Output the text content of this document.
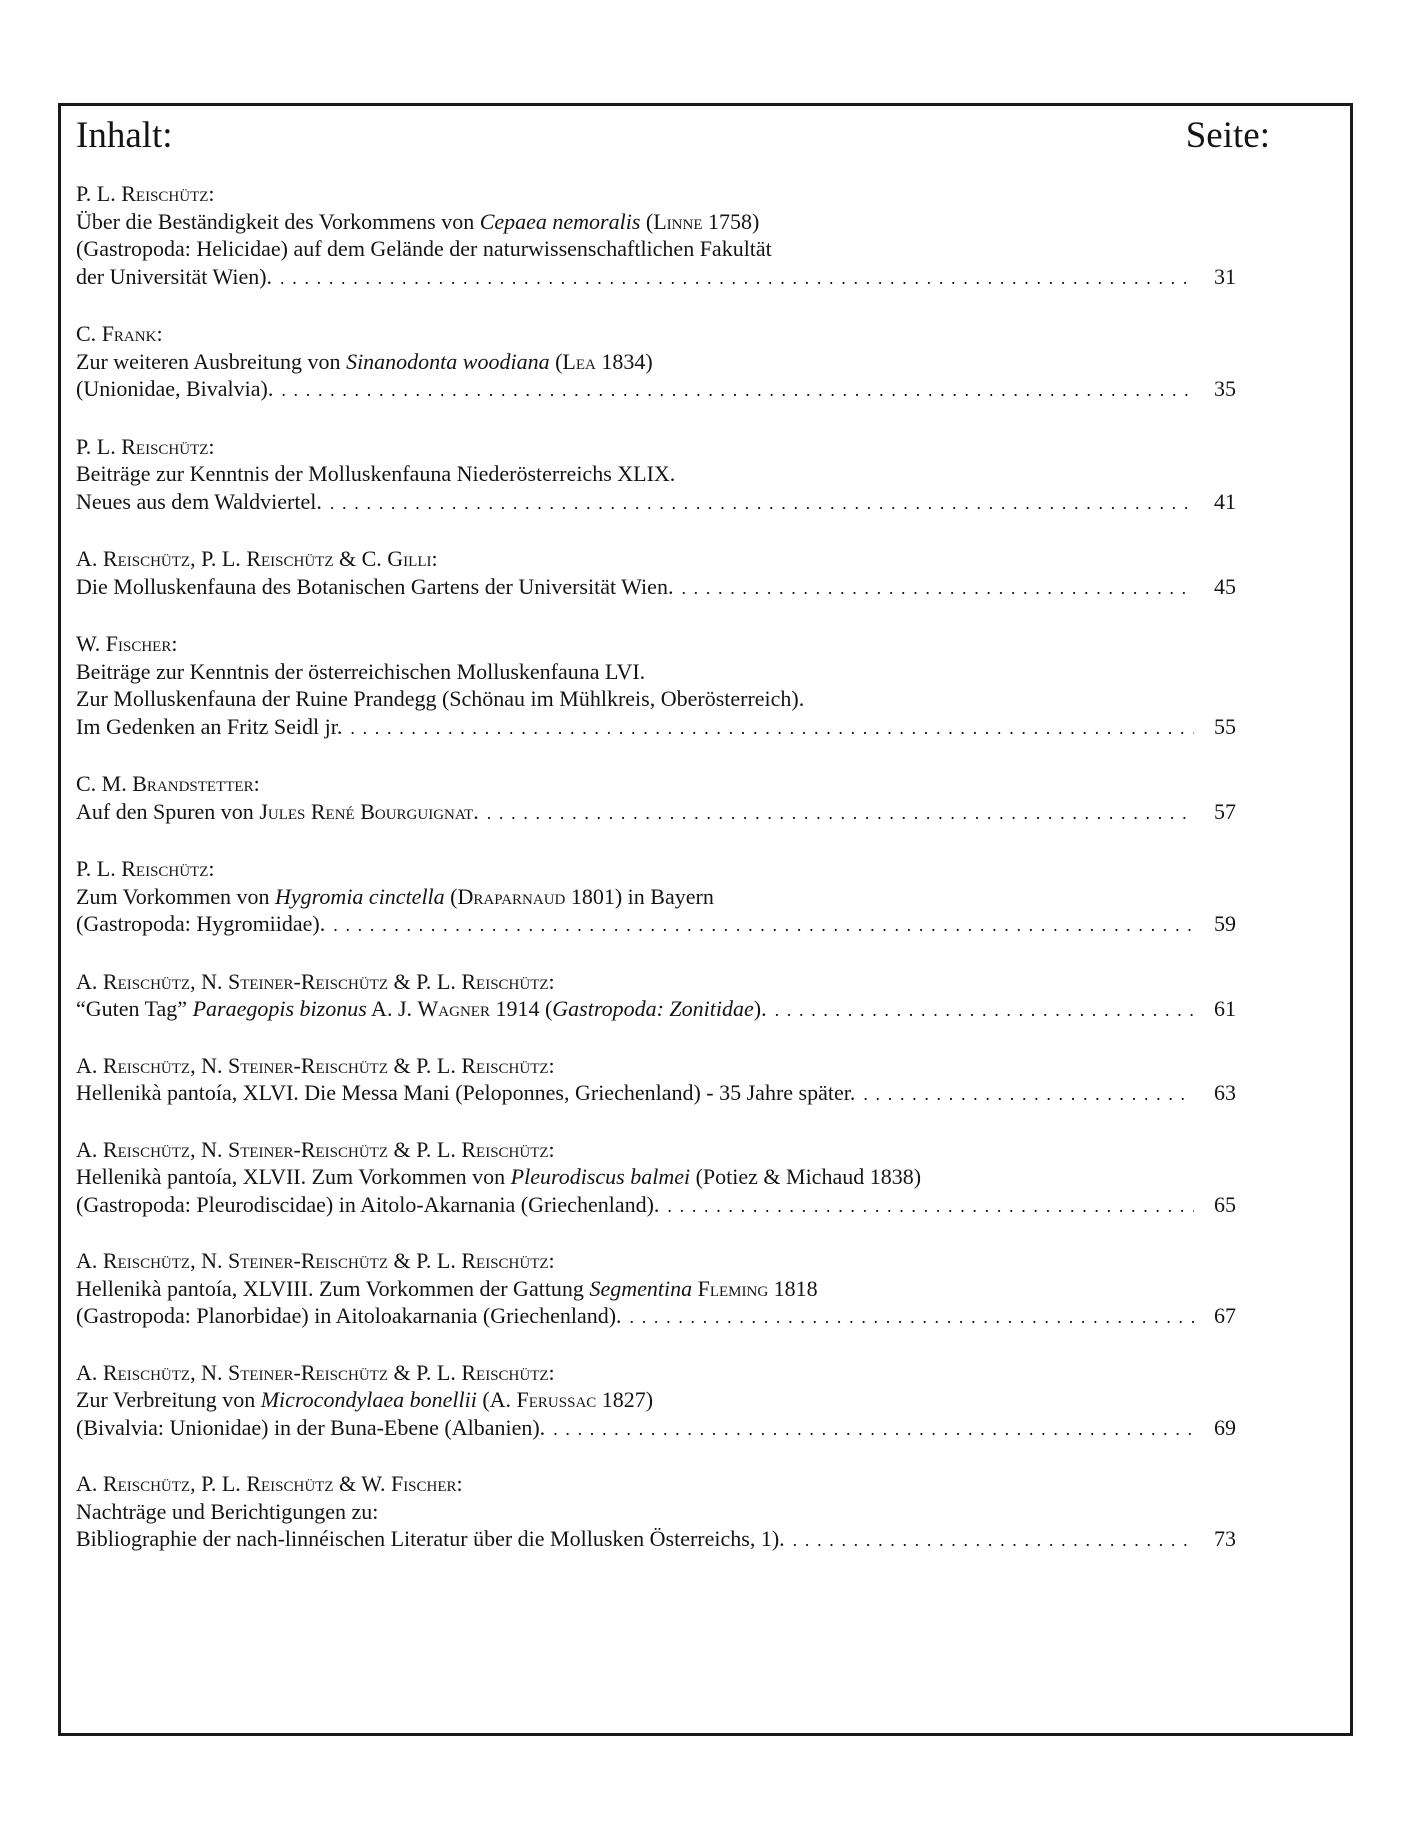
Inhalt:	Seite:
P. L. Reischütz:
Über die Beständigkeit des Vorkommens von Cepaea nemoralis (Linne 1758)
(Gastropoda: Helicidae) auf dem Gelände der naturwissenschaftlichen Fakultät
der Universität Wien). . . .	31
C. Frank:
Zur weiteren Ausbreitung von Sinanodonta woodiana (Lea 1834)
(Unionidae, Bivalvia). . . .	35
P. L. Reischütz:
Beiträge zur Kenntnis der Molluskenfauna Niederösterreichs XLIX.
Neues aus dem Waldviertel. . . .	41
A. Reischütz, P. L. Reischütz & C. Gilli:
Die Molluskenfauna des Botanischen Gartens der Universität Wien. . . .	45
W. Fischer:
Beiträge zur Kenntnis der österreichischen Molluskenfauna LVI.
Zur Molluskenfauna der Ruine Prandegg (Schönau im Mühlkreis, Oberösterreich).
Im Gedenken an Fritz Seidl jr. . . .	55
C. M. Brandstetter:
Auf den Spuren von Jules René Bourguignat. . . .	57
P. L. Reischütz:
Zum Vorkommen von Hygromia cinctella (Draparnaud 1801) in Bayern
(Gastropoda: Hygromiidae). . . .	59
A. Reischütz, N. Steiner-Reischütz & P. L. Reischütz:
“Guten Tag” Paraegopis bizonus A. J. Wagner 1914 (Gastropoda: Zonitidae). . . .	61
A. Reischütz, N. Steiner-Reischütz & P. L. Reischütz:
Hellenikà pantoía, XLVI. Die Messa Mani (Peloponnes, Griechenland) - 35 Jahre später. . . .	63
A. Reischütz, N. Steiner-Reischütz & P. L. Reischütz:
Hellenikà pantoía, XLVII. Zum Vorkommen von Pleurodiscus balmei (Potiez & Michaud 1838)
(Gastropoda: Pleurodiscidae) in Aitolo-Akarnania (Griechenland). . . .	65
A. Reischütz, N. Steiner-Reischütz & P. L. Reischütz:
Hellenikà pantoía, XLVIII. Zum Vorkommen der Gattung Segmentina Fleming 1818
(Gastropoda: Planorbidae) in Aitoloakarnania (Griechenland). . . .	67
A. Reischütz, N. Steiner-Reischütz & P. L. Reischütz:
Zur Verbreitung von Microcondylaea bonellii (A. Ferussac 1827)
(Bivalvia: Unionidae) in der Buna-Ebene (Albanien). . . .	69
A. Reischütz, P. L. Reischütz & W. Fischer:
Nachträge und Berichtigungen zu:
Bibliographie der nach-linnéischen Literatur über die Mollusken Österreichs, 1). . . .	73
